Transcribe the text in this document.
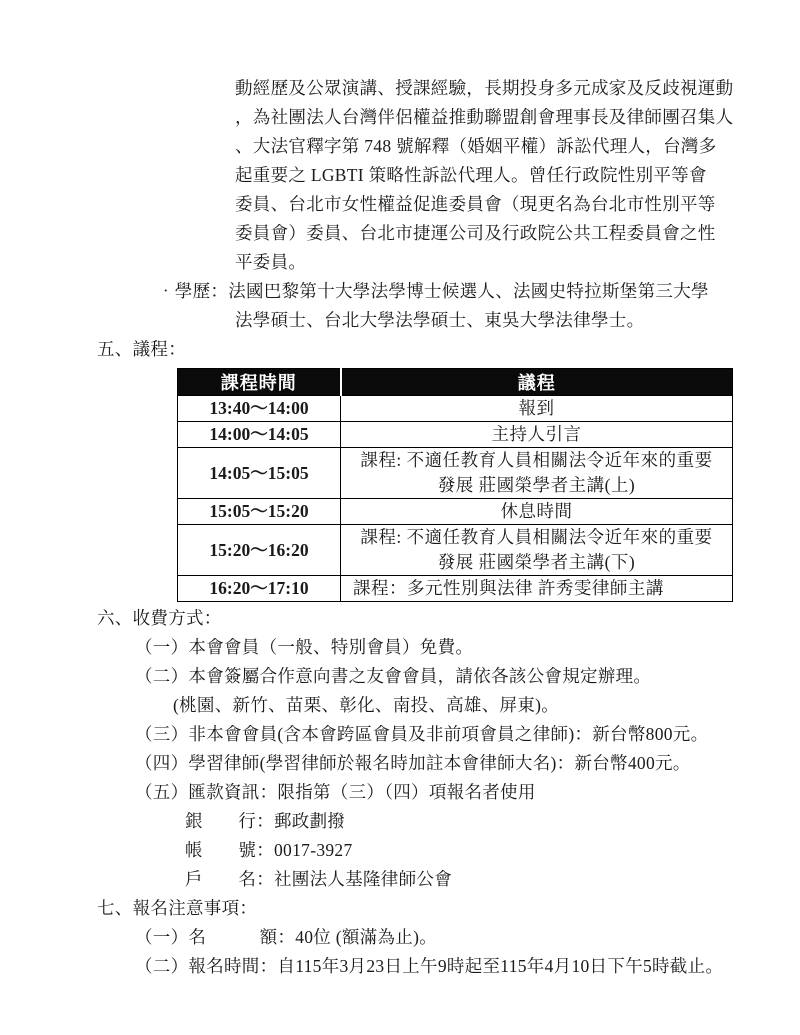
動經歷及公眾演講、授課經驗，長期投身多元成家及反歧視運動
，為社團法人台灣伴侶權益推動聯盟創會理事長及律師團召集人
、大法官釋字第 748 號解釋（婚姻平權）訴訟代理人，台灣多
起重要之 LGBTI 策略性訴訟代理人。曾任行政院性別平等會
委員、台北市女性權益促進委員會（現更名為台北市性別平等
委員會）委員、台北市捷運公司及行政院公共工程委員會之性
平委員。
‧學歷：法國巴黎第十大學法學博士候選人、法國史特拉斯堡第三大學
法學碩士、台北大學法學碩士、東吳大學法律學士。
五、議程：
課程時間	議程
13:40～14:00	報到
14:00～14:05	主持人引言
14:05～15:05	課程: 不適任教育人員相關法令近年來的重要
發展 莊國榮學者主講(上)

15:05～15:20	休息時間
15:20～16:20	課程: 不適任教育人員相關法令近年來的重要
發展 莊國榮學者主講(下)

16:20～17:10	課程：多元性別與法律 許秀雯律師主講
六、收費方式：
（一）本會會員（一般、特別會員）免費。
（二）本會簽屬合作意向書之友會會員，請依各該公會規定辦理。
(桃園、新竹、苗栗、彰化、南投、高雄、屏東)。
（三）非本會會員(含本會跨區會員及非前項會員之律師)：新台幣800元。
（四）學習律師(學習律師於報名時加註本會律師大名)：新台幣400元。
（五）匯款資訊：限指第（三）（四）項報名者使用
銀　　行：郵政劃撥
帳　　號：0017-3927
戶　　名：社團法人基隆律師公會
七、報名注意事項：
（一）名　　　額：40位 (額滿為止)。
（二）報名時間：自115年3月23日上午9時起至115年4月10日下午5時截止。
